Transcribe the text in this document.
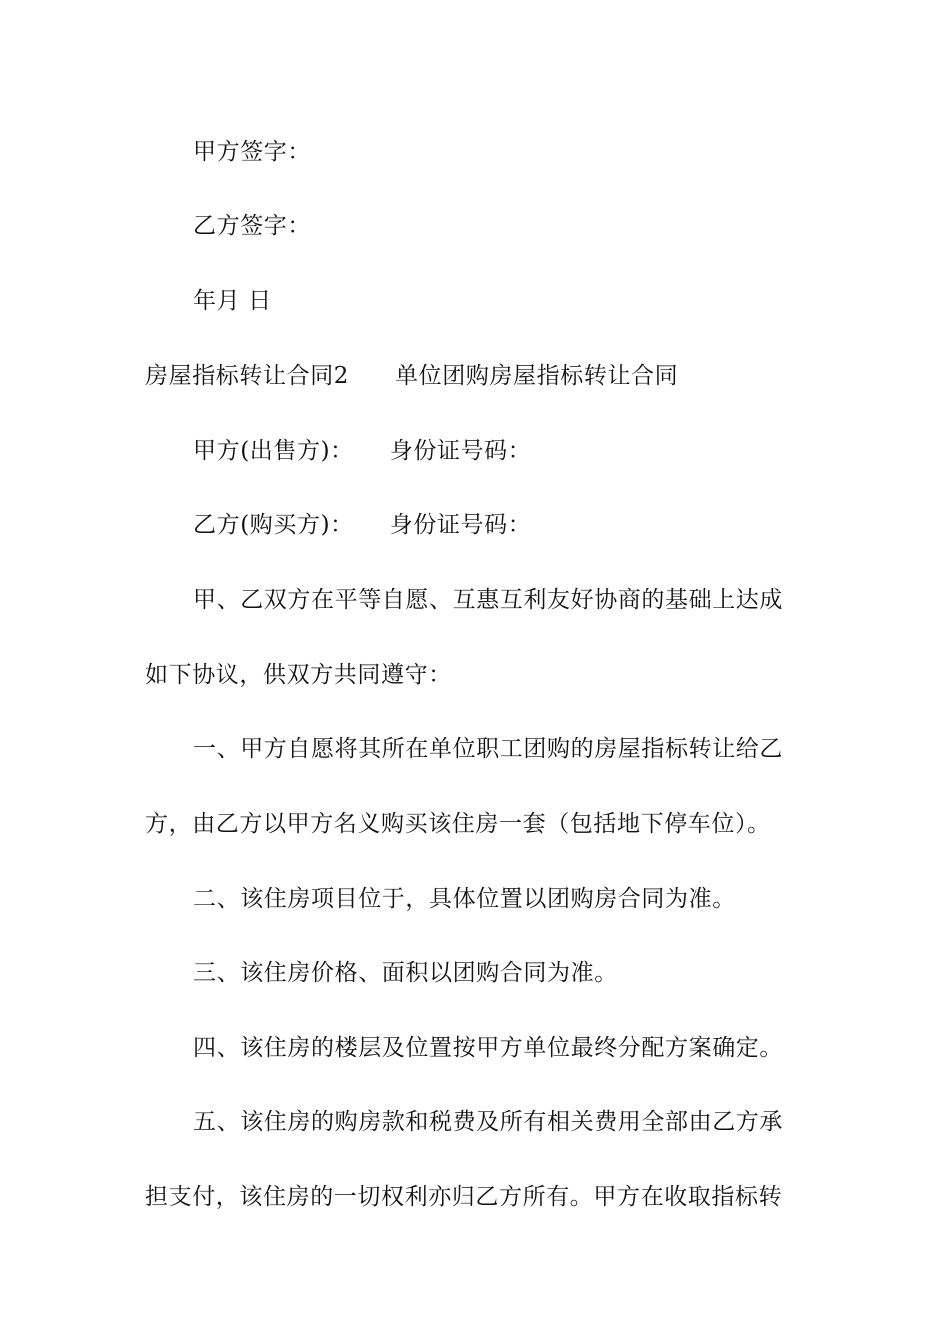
甲方签字：
乙方签字：
年月 日
房屋指标转让合同2 单位团购房屋指标转让合同
甲方(出售方)： 身份证号码：
乙方(购买方)： 身份证号码：
甲、乙双方在平等自愿、互惠互利友好协商的基础上达成
如下协议，供双方共同遵守：
一、甲方自愿将其所在单位职工团购的房屋指标转让给乙
方，由乙方以甲方名义购买该住房一套（包括地下停车位）。
二、该住房项目位于，具体位置以团购房合同为准。
三、该住房价格、面积以团购合同为准。
四、该住房的楼层及位置按甲方单位最终分配方案确定。
五、该住房的购房款和税费及所有相关费用全部由乙方承
担支付，该住房的一切权利亦归乙方所有。甲方在收取指标转
